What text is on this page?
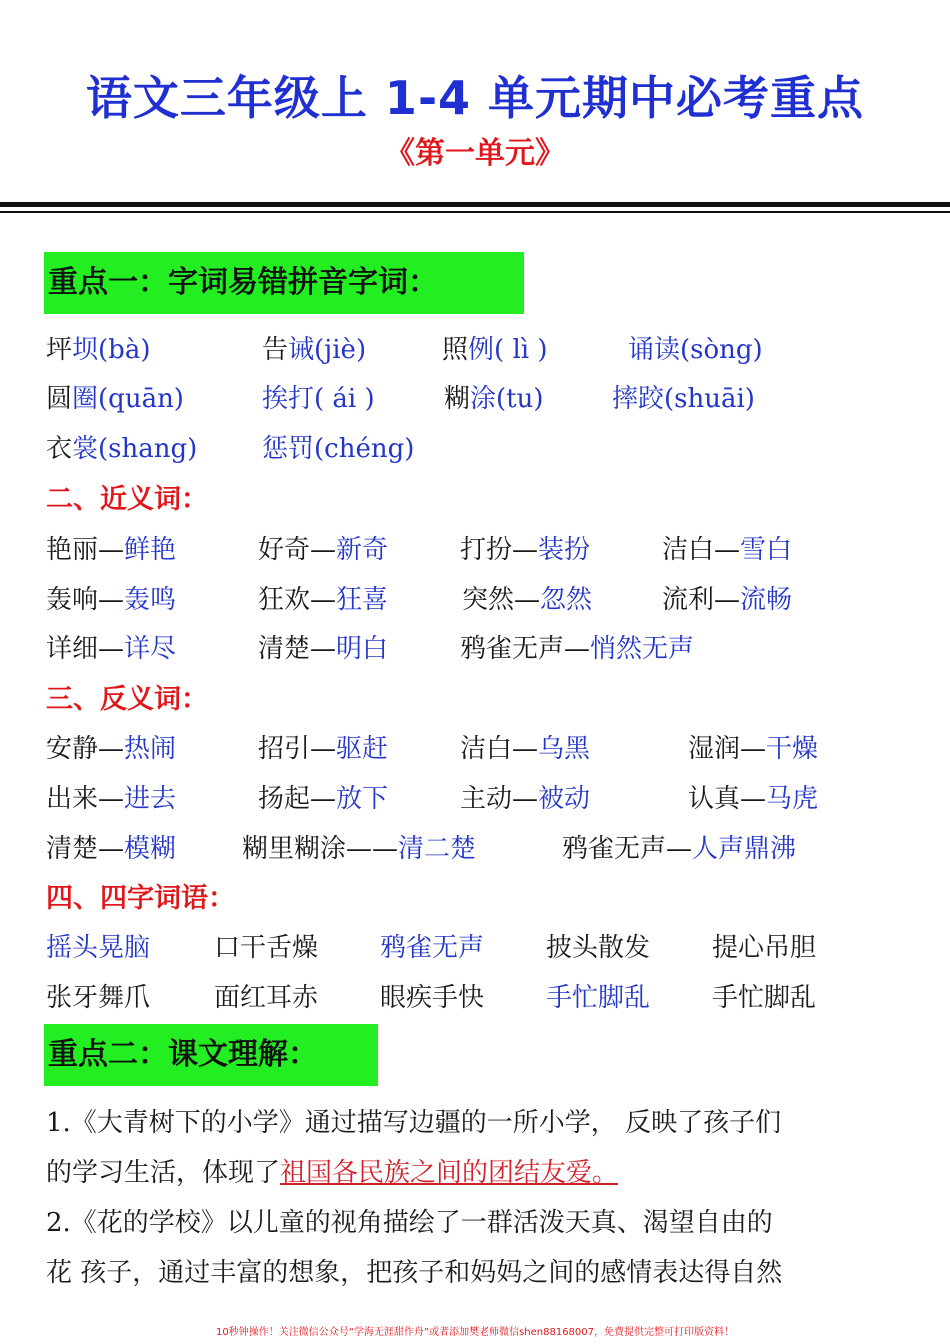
语文三年级上 1-4 单元期中必考重点
《第一单元》
重点一：字词易错拼音字词：
坪坝(bà)	告诫(jiè)	照例( lì )	诵读(sòng)
圆圈(quān)	挨打( ái )	糊涂(tu)	摔跤(shuāi)
衣裳(shang) 惩罚(chéng)
二、近义词：
艳丽—鲜艳	好奇—新奇	打扮—装扮	洁白—雪白
轰响—轰鸣	狂欢—狂喜	突然—忽然	流利—流畅
详细—详尽	清楚—明白	鸦雀无声—悄然无声
三、反义词：
安静—热闹	招引—驱赶	洁白—乌黑	湿润—干燥
出来—进去	扬起—放下	主动—被动	认真—马虎
清楚—模糊	糊里糊涂——清二楚	鸦雀无声—人声鼎沸
四、四字词语：
摇头晃脑 口干舌燥 鸦雀无声 披头散发 提心吊胆
张牙舞爪 面红耳赤 眼疾手快 手忙脚乱 手忙脚乱
重点二：课文理解：
1.《大青树下的小学》通过描写边疆的一所小学， 反映了孩子们
的学习生活，体现了祖国各民族之间的团结友爱。
2.《花的学校》以儿童的视角描绘了一群活泼天真、渴望自由的
花 孩子，通过丰富的想象，把孩子和妈妈之间的感情表达得自然
10秒钟操作！关注微信公众号“学海无涯甜作舟”或者添加樊老师微信shen88168007，免费提供完整可打印版资料！
